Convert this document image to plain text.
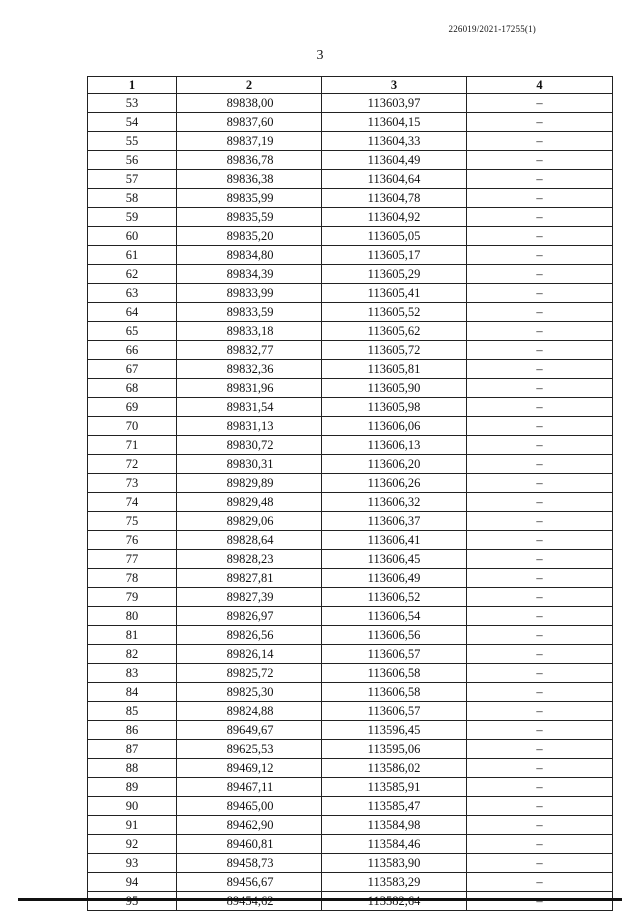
226019/2021-17255(1)
3
1	2	3	4
53	89838,00	113603,97	–
54	89837,60	113604,15	–
55	89837,19	113604,33	–
56	89836,78	113604,49	–
57	89836,38	113604,64	–
58	89835,99	113604,78	–
59	89835,59	113604,92	–
60	89835,20	113605,05	–
61	89834,80	113605,17	–
62	89834,39	113605,29	–
63	89833,99	113605,41	–
64	89833,59	113605,52	–
65	89833,18	113605,62	–
66	89832,77	113605,72	–
67	89832,36	113605,81	–
68	89831,96	113605,90	–
69	89831,54	113605,98	–
70	89831,13	113606,06	–
71	89830,72	113606,13	–
72	89830,31	113606,20	–
73	89829,89	113606,26	–
74	89829,48	113606,32	–
75	89829,06	113606,37	–
76	89828,64	113606,41	–
77	89828,23	113606,45	–
78	89827,81	113606,49	–
79	89827,39	113606,52	–
80	89826,97	113606,54	–
81	89826,56	113606,56	–
82	89826,14	113606,57	–
83	89825,72	113606,58	–
84	89825,30	113606,58	–
85	89824,88	113606,57	–
86	89649,67	113596,45	–
87	89625,53	113595,06	–
88	89469,12	113586,02	–
89	89467,11	113585,91	–
90	89465,00	113585,47	–
91	89462,90	113584,98	–
92	89460,81	113584,46	–
93	89458,73	113583,90	–
94	89456,67	113583,29	–
